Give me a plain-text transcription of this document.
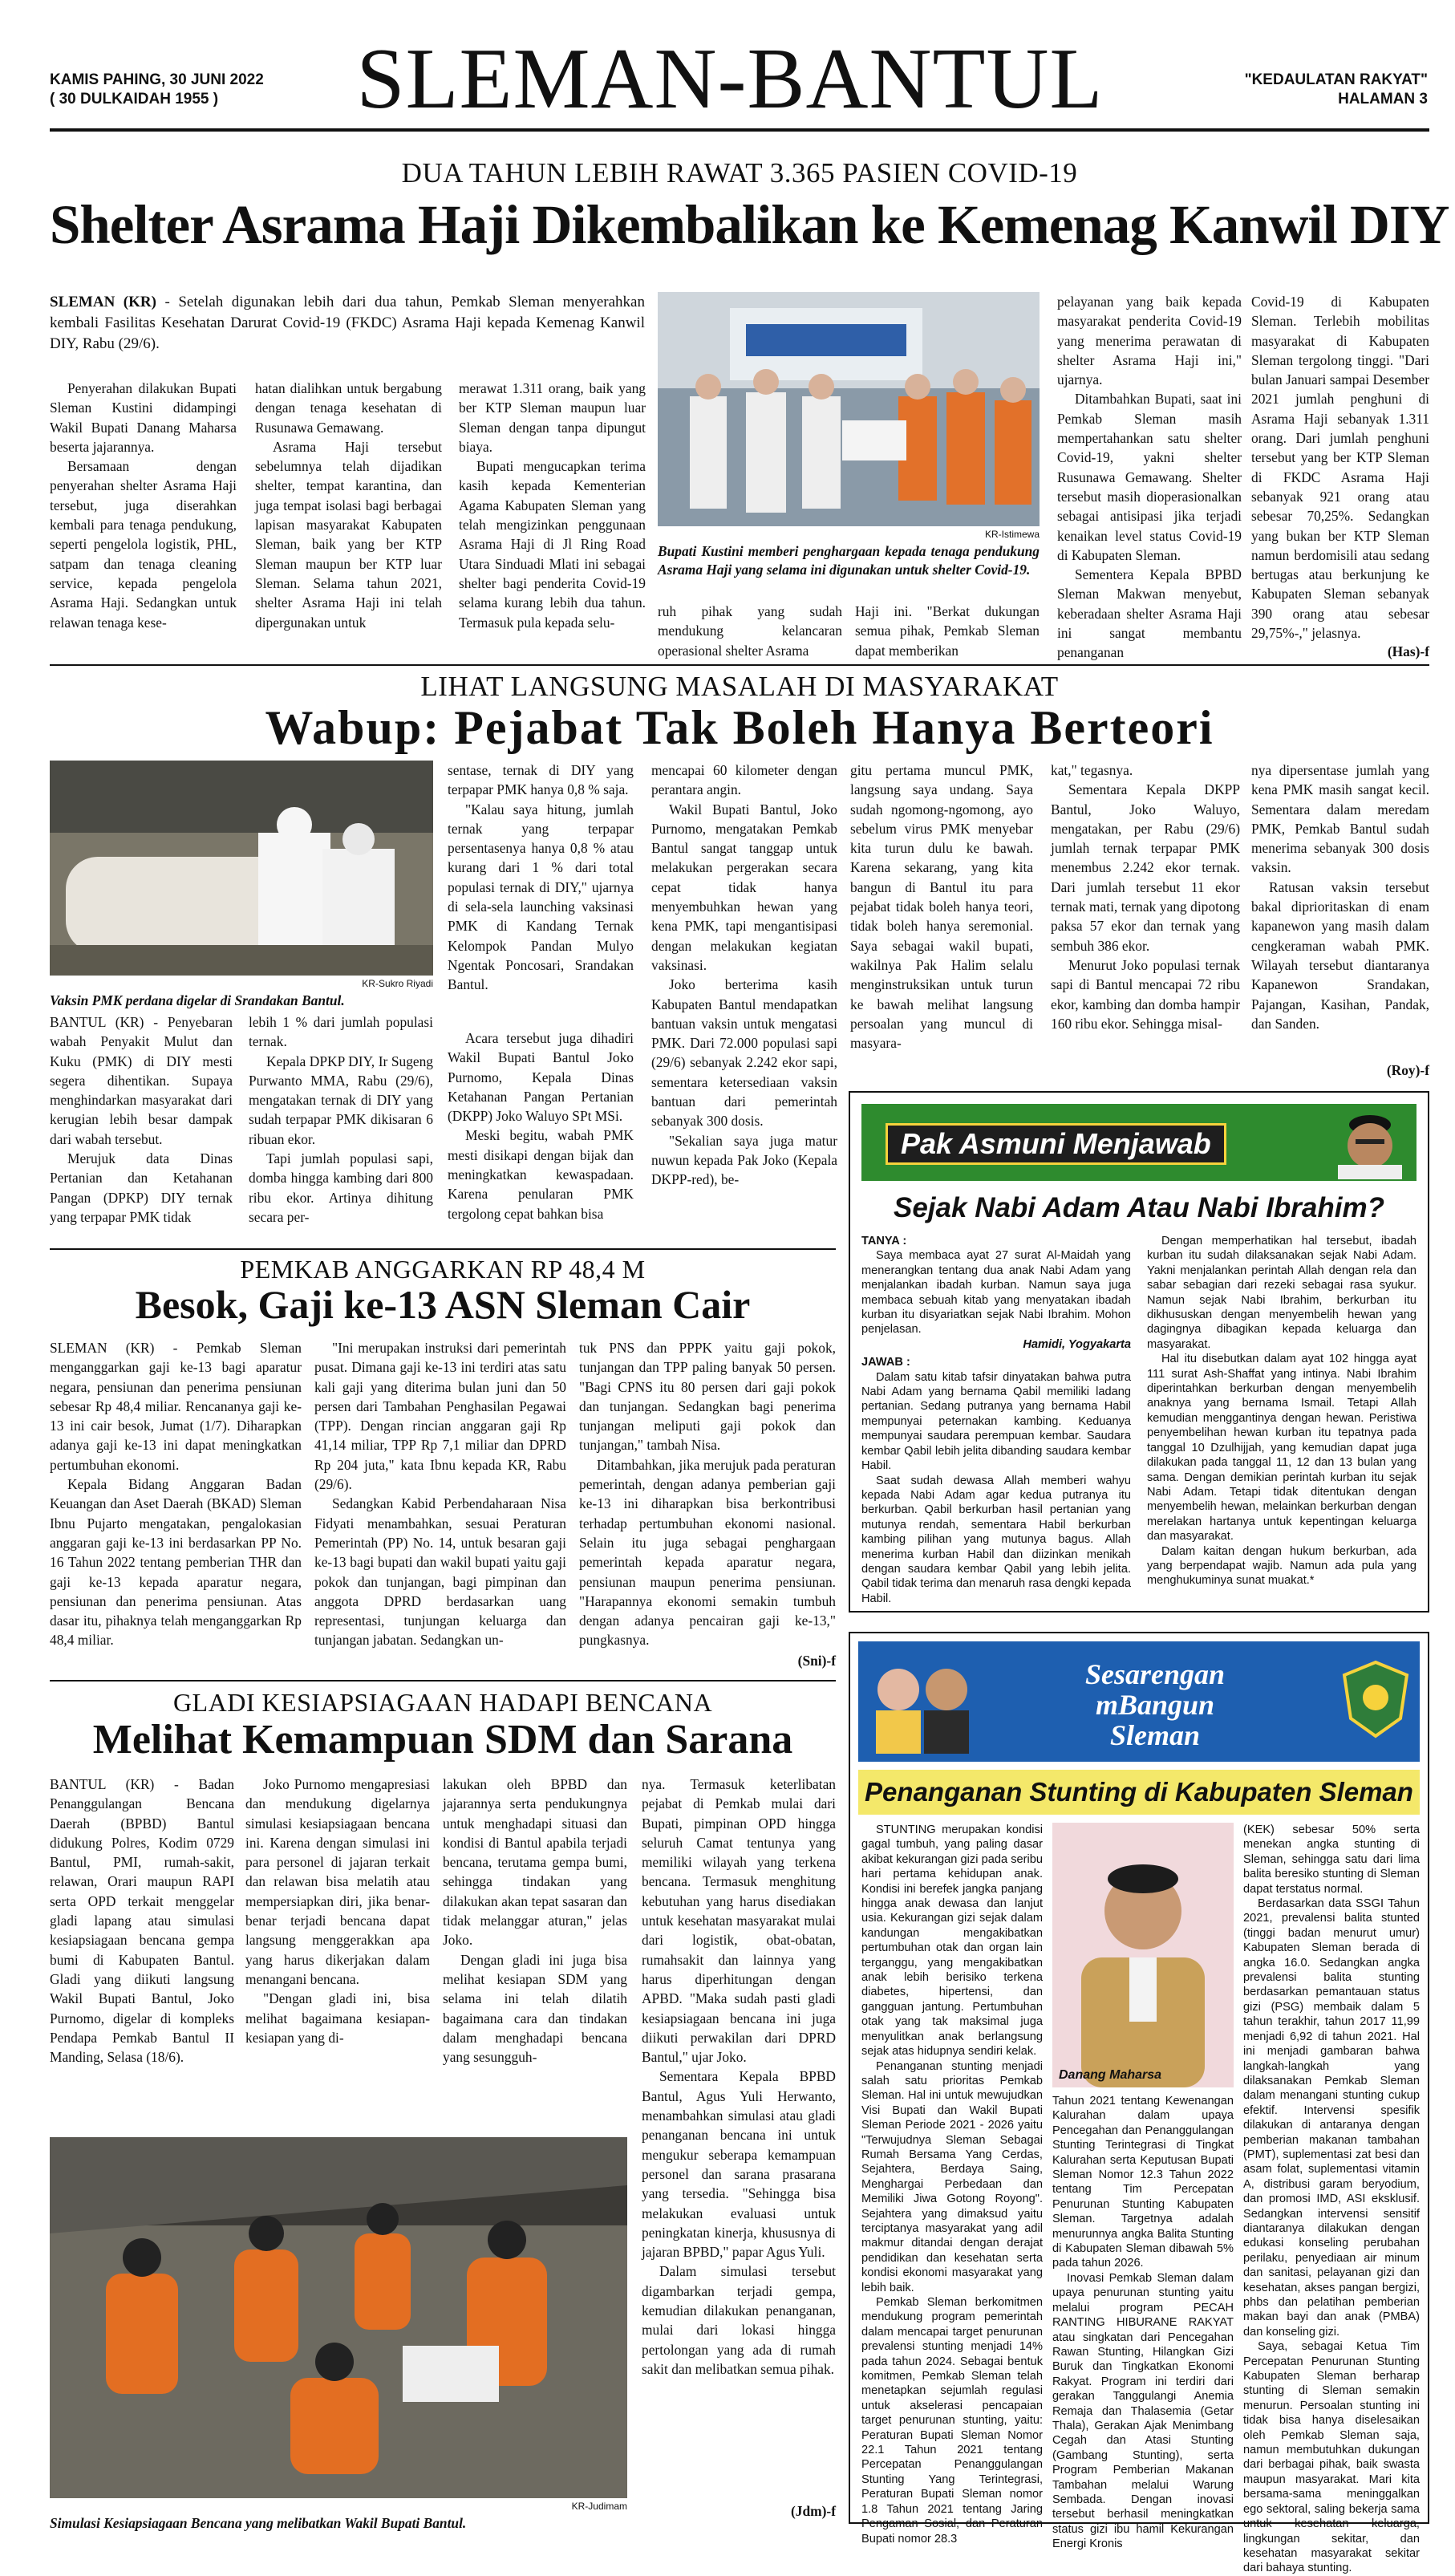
KAMIS PAHING, 30 JUNI 2022
( 30 DULKAIDAH 1955 )	SLEMAN-BANTUL	"KEDAULATAN RAKYAT"
HALAMAN 3
DUA TAHUN LEBIH RAWAT 3.365 PASIEN COVID-19
Shelter Asrama Haji Dikembalikan ke Kemenag Kanwil DIY

SLEMAN (KR) - Setelah digunakan lebih dari dua tahun, Pemkab Sleman menyerahkan kembali Fasilitas Kesehatan Darurat Covid-19 (FKDC) Asrama Haji kepada Kemenag Kanwil DIY, Rabu (29/6).

Penyerahan dilakukan Bupati Sleman Kustini didampingi Wakil Bupati Danang Maharsa beserta jajarannya.

Bersamaan dengan penyerahan shelter Asrama Haji tersebut, juga diserahkan kembali para tenaga pendukung, seperti pengelola logistik, PHL, satpam dan tenaga cleaning service, kepada pengelola Asrama Haji. Sedangkan untuk relawan tenaga kese-

hatan dialihkan untuk bergabung dengan tenaga kesehatan di Rusunawa Gemawang.

Asrama Haji tersebut sebelumnya telah dijadikan shelter, tempat karantina, dan juga tempat isolasi bagi berbagai lapisan masyarakat Kabupaten Sleman, baik yang ber KTP Sleman maupun ber KTP luar Sleman. Selama tahun 2021, shelter Asrama Haji ini telah dipergunakan untuk

merawat 1.311 orang, baik yang ber KTP Sleman maupun luar Sleman dengan tanpa dipungut biaya.

Bupati mengucapkan terima kasih kepada Kementerian Agama Kabupaten Sleman yang telah mengizinkan penggunaan Asrama Haji di Jl Ring Road Utara Sinduadi Mlati ini sebagai shelter bagi penderita Covid-19 selama kurang lebih dua tahun. Termasuk pula kepada selu-

KR-Istimewa
Bupati Kustini memberi penghargaan kepada tenaga pendukung Asrama Haji yang selama ini digunakan untuk shelter Covid-19.

ruh pihak yang sudah mendukung kelancaran operasional shelter Asrama

Haji ini. "Berkat dukungan semua pihak, Pemkab Sleman dapat memberikan

pelayanan yang baik kepada masyarakat penderita Covid-19 yang menerima perawatan di shelter Asrama Haji ini," ujarnya.

Ditambahkan Bupati, saat ini Pemkab Sleman masih mempertahankan satu shelter Covid-19, yakni shelter Rusunawa Gemawang. Shelter tersebut masih dioperasionalkan sebagai antisipasi jika terjadi kenaikan level status Covid-19 di Kabupaten Sleman.

Sementera Kepala BPBD Sleman Makwan menyebut, keberadaan shelter Asrama Haji ini sangat membantu penanganan

Covid-19 di Kabupaten Sleman. Terlebih mobilitas masyarakat di Kabupaten Sleman tergolong tinggi. "Dari bulan Januari sampai Desember 2021 jumlah penghuni di Asrama Haji sebanyak 1.311 orang. Dari jumlah penghuni tersebut yang ber KTP Sleman di FKDC Asrama Haji sebanyak 921 orang atau sebesar 70,25%. Sedangkan yang bukan ber KTP Sleman namun berdomisili atau sedang bertugas atau berkunjung ke Kabupaten Sleman sebanyak 390 orang atau sebesar 29,75%-," jelasnya.

(Has)-f
LIHAT LANGSUNG MASALAH DI MASYARAKAT
Wabup: Pejabat Tak Boleh Hanya Berteori
KR-Sukro Riyadi
Vaksin PMK perdana digelar di Srandakan Bantul.

BANTUL (KR) - Penyebaran wabah Penyakit Mulut dan Kuku (PMK) di DIY mesti segera dihentikan. Supaya menghindarkan masyarakat dari kerugian lebih besar dampak dari wabah tersebut.

Merujuk data Dinas Pertanian dan Ketahanan Pangan (DPKP) DIY ternak yang terpapar PMK tidak

lebih 1 % dari jumlah populasi ternak.

Kepala DPKP DIY, Ir Sugeng Purwanto MMA, Rabu (29/6), mengatakan ternak di DIY yang sudah terpapar PMK dikisaran 6 ribuan ekor.

Tapi jumlah populasi sapi, domba hingga kambing dari 800 ribu ekor. Artinya dihitung secara per-

sentase, ternak di DIY yang terpapar PMK hanya 0,8 % saja.

"Kalau saya hitung, jumlah ternak yang terpapar persentasenya hanya 0,8 % atau kurang dari 1 % dari total populasi ternak di DIY," ujarnya di sela-sela launching vaksinasi PMK di Kandang Ternak Kelompok Pandan Mulyo Ngentak Poncosari, Srandakan Bantul.

Acara tersebut juga dihadiri Wakil Bupati Bantul Joko Purnomo, Kepala Dinas Ketahanan Pangan Pertanian (DKPP) Joko Waluyo SPt MSi.

Meski begitu, wabah PMK mesti disikapi dengan bijak dan meningkatkan kewaspadaan. Karena penularan PMK tergolong cepat bahkan bisa

mencapai 60 kilometer dengan perantara angin.

Wakil Bupati Bantul, Joko Purnomo, mengatakan Pemkab Bantul sangat tanggap untuk melakukan pergerakan secara cepat tidak hanya menyembuhkan hewan yang kena PMK, tapi mengantisipasi dengan melakukan kegiatan vaksinasi.

Joko berterima kasih Kabupaten Bantul mendapatkan bantuan vaksin untuk mengatasi PMK. Dari 72.000 populasi sapi (29/6) sebanyak 2.242 ekor sapi, sementara ketersediaan vaksin bantuan dari pemerintah sebanyak 300 dosis.

"Sekalian saya juga matur nuwun kepada Pak Joko (Kepala DKPP-red), be-

gitu pertama muncul PMK, langsung saya undang. Saya sudah ngomong-ngomong, ayo sebelum virus PMK menyebar kita turun dulu ke bawah. Karena sekarang, yang kita bangun di Bantul itu para pejabat tidak boleh hanya teori, tidak boleh hanya seremonial. Saya sebagai wakil bupati, wakilnya Pak Halim selalu menginstruksikan untuk turun ke bawah melihat langsung persoalan yang muncul di masyara-

kat," tegasnya.

Sementara Kepala DKPP Bantul, Joko Waluyo, mengatakan, per Rabu (29/6) jumlah ternak terpapar PMK menembus 2.242 ekor ternak. Dari jumlah tersebut 11 ekor ternak mati, ternak yang dipotong paksa 57 ekor dan ternak yang sembuh 386 ekor.

Menurut Joko populasi ternak sapi di Bantul mencapai 72 ribu ekor, kambing dan domba hampir 160 ribu ekor. Sehingga misal-

nya dipersentase jumlah yang kena PMK masih sangat kecil. Sementara dalam meredam PMK, Pemkab Bantul sudah menerima sebanyak 300 dosis vaksin.

Ratusan vaksin tersebut bakal diprioritaskan di enam kapanewon yang masih dalam cengkeraman wabah PMK. Wilayah tersebut diantaranya Kapanewon Srandakan, Pajangan, Kasihan, Pandak, dan Sanden.

(Roy)-f
Pak Asmuni Menjawab
Sejak Nabi Adam Atau Nabi Ibrahim?
TANYA :

Saya membaca ayat 27 surat Al-Maidah yang menerangkan tentang dua anak Nabi Adam yang menjalankan ibadah kurban. Namun saya juga membaca sebuah kitab yang menyatakan ibadah kurban itu disyariatkan sejak Nabi Ibrahim. Mohon penjelasan.

Hamidi, Yogyakarta
JAWAB :

Dalam satu kitab tafsir dinyatakan bahwa putra Nabi Adam yang bernama Qabil memiliki ladang pertanian. Sedang putranya yang bernama Habil mempunyai peternakan kambing. Keduanya mempunyai saudara perempuan kembar. Saudara kembar Qabil lebih jelita dibanding saudara kembar Habil.

Saat sudah dewasa Allah memberi wahyu kepada Nabi Adam agar kedua putranya itu berkurban. Qabil berkurban hasil pertanian yang mutunya rendah, sementara Habil berkurban kambing pilihan yang mutunya bagus. Allah menerima kurban Habil dan diizinkan menikah dengan saudara kembar Qabil yang lebih jelita. Qabil tidak terima dan menaruh rasa dengki kepada Habil.

Dengan memperhatikan hal tersebut, ibadah kurban itu sudah dilaksanakan sejak Nabi Adam. Yakni menjalankan perintah Allah dengan rela dan sabar sebagian dari rezeki sebagai rasa syukur. Namun sejak Nabi Ibrahim, berkurban itu dikhususkan dengan menyembelih hewan yang dagingnya dibagikan kepada keluarga dan masyarakat.

Hal itu disebutkan dalam ayat 102 hingga ayat 111 surat Ash-Shaffat yang intinya. Nabi Ibrahim diperintahkan berkurban dengan menyembelih anaknya yang bernama Ismail. Tetapi Allah kemudian menggantinya dengan hewan. Peristiwa penyembelihan hewan kurban itu tepatnya pada tanggal 10 Dzulhijjah, yang kemudian dapat juga dilakukan pada tanggal 11, 12 dan 13 bulan yang sama. Dengan demikian perintah kurban itu sejak Nabi Adam. Tetapi tidak ditentukan dengan menyembelih hewan, melainkan berkurban dengan merelakan hartanya untuk kepentingan keluarga dan masyarakat.

Dalam kaitan dengan hukum berkurban, ada yang berpendapat wajib. Namun ada pula yang menghukuminya sunat muakat.*

PEMKAB ANGGARKAN RP 48,4 M
Besok, Gaji ke-13 ASN Sleman Cair

SLEMAN (KR) - Pemkab Sleman menganggarkan gaji ke-13 bagi aparatur negara, pensiunan dan penerima pensiunan sebesar Rp 48,4 miliar. Rencananya gaji ke-13 ini cair besok, Jumat (1/7). Diharapkan adanya gaji ke-13 ini dapat meningkatkan pertumbuhan ekonomi.

Kepala Bidang Anggaran Badan Keuangan dan Aset Daerah (BKAD) Sleman Ibnu Pujarto mengatakan, pengalokasian anggaran gaji ke-13 ini berdasarkan PP No. 16 Tahun 2022 tentang pemberian THR dan gaji ke-13 kepada aparatur negara, pensiunan dan penerima pensiunan. Atas dasar itu, pihaknya telah menganggarkan Rp 48,4 miliar.

"Ini merupakan instruksi dari pemerintah pusat. Dimana gaji ke-13 ini terdiri atas satu kali gaji yang diterima bulan juni dan 50 persen dari Tambahan Penghasilan Pegawai (TPP). Dengan rincian anggaran gaji Rp 41,14 miliar, TPP Rp 7,1 miliar dan DPRD Rp 204 juta," kata Ibnu kepada KR, Rabu (29/6).

Sedangkan Kabid Perbendaharaan Nisa Fidyati menambahkan, sesuai Peraturan Pemerintah (PP) No. 14, untuk besaran gaji ke-13 bagi bupati dan wakil bupati yaitu gaji pokok dan tunjangan, bagi pimpinan dan anggota DPRD berdasarkan uang representasi, tunjungan keluarga dan tunjangan jabatan. Sedangkan un-

tuk PNS dan PPPK yaitu gaji pokok, tunjangan dan TPP paling banyak 50 persen. "Bagi CPNS itu 80 persen dari gaji pokok dan tunjangan. Sedangkan bagi penerima tunjangan meliputi gaji pokok dan tunjangan," tambah Nisa.

Ditambahkan, jika merujuk pada peraturan pemerintah, dengan adanya pemberian gaji ke-13 ini diharapkan bisa berkontribusi terhadap pertumbuhan ekonomi nasional. Selain itu juga sebagai penghargaan pemerintah kepada aparatur negara, pensiunan maupun penerima pensiunan. "Harapannya ekonomi semakin tumbuh dengan adanya pencairan gaji ke-13," pungkasnya.

(Sni)-f
GLADI KESIAPSIAGAAN HADAPI BENCANA
Melihat Kemampuan SDM dan Sarana

BANTUL (KR) - Badan Penanggulangan Bencana Daerah (BPBD) Bantul didukung Polres, Kodim 0729 Bantul, PMI, rumah-sakit, relawan, Orari maupun RAPI serta OPD terkait menggelar gladi lapang atau simulasi kesiapsiagaan bencana gempa bumi di Kabupaten Bantul. Gladi yang diikuti langsung Wakil Bupati Bantul, Joko Purnomo, digelar di kompleks Pendapa Pemkab Bantul II Manding, Selasa (18/6).

Joko Purnomo mengapresiasi dan mendukung digelarnya simulasi kesiapsiagaan bencana ini. Karena dengan simulasi ini para personel di jajaran terkait dan relawan bisa melatih atau mempersiapkan diri, jika benar-benar terjadi bencana dapat langsung menggerakkan apa yang harus dikerjakan dalam menangani bencana.

"Dengan gladi ini, bisa melihat bagaimana kesiapan-kesiapan yang di-

lakukan oleh BPBD dan jajarannya serta pendukungnya untuk menghadapi situasi dan kondisi di Bantul apabila terjadi bencana, terutama gempa bumi, sehingga tindakan yang dilakukan akan tepat sasaran dan tidak melanggar aturan," jelas Joko.

Dengan gladi ini juga bisa melihat kesiapan SDM yang selama ini telah dilatih bagaimana cara dan tindakan dalam menghadapi bencana yang sesungguh-

nya. Termasuk keterlibatan pejabat di Pemkab mulai dari Bupati, pimpinan OPD hingga seluruh Camat tentunya yang memiliki wilayah yang terkena bencana. Termasuk menghitung kebutuhan yang harus disediakan untuk kesehatan masyarakat mulai dari logistik, obat-obatan, rumahsakit dan lainnya yang harus diperhitungan dengan APBD. "Maka sudah pasti gladi kesiapsiagaan bencana ini juga diikuti perwakilan dari DPRD Bantul," ujar Joko.

Sementara Kepala BPBD Bantul, Agus Yuli Herwanto, menambahkan simulasi atau gladi penanganan bencana ini untuk mengukur seberapa kemampuan personel dan sarana prasarana yang tersedia. "Sehingga bisa melakukan evaluasi untuk peningkatan kinerja, khususnya di jajaran BPBD," papar Agus Yuli.

Dalam simulasi tersebut digambarkan terjadi gempa, kemudian dilakukan penanganan, mulai dari lokasi hingga pertolongan yang ada di rumah sakit dan melibatkan semua pihak.

(Jdm)-f
KR-Judimam
Simulasi Kesiapsiagaan Bencana yang melibatkan Wakil Bupati Bantul.
Sesarengan
mBangun
Sleman
Penanganan Stunting di Kabupaten Sleman

STUNTING merupakan kondisi gagal tumbuh, yang paling dasar akibat kekurangan gizi pada seribu hari pertama kehidupan anak. Kondisi ini berefek jangka panjang hingga anak dewasa dan lanjut usia. Kekurangan gizi sejak dalam kandungan mengakibatkan pertumbuhan otak dan organ lain terganggu, yang mengakibatkan anak lebih berisiko terkena diabetes, hipertensi, dan gangguan jantung. Pertumbuhan otak yang tak maksimal juga menyulitkan anak berlangsung sejak atas hidupnya sendiri kelak.

Penanganan stunting menjadi salah satu prioritas Pemkab Sleman. Hal ini untuk mewujudkan Visi Bupati dan Wakil Bupati Sleman Periode 2021 - 2026 yaitu "Terwujudnya Sleman Sebagai Rumah Bersama Yang Cerdas, Sejahtera, Berdaya Saing, Menghargai Perbedaan dan Memiliki Jiwa Gotong Royong". Sejahtera yang dimaksud yaitu terciptanya masyarakat yang adil makmur ditandai dengan derajat pendidikan dan kesehatan serta kondisi ekonomi masyarakat yang lebih baik.

Pemkab Sleman berkomitmen mendukung program pemerintah dalam mencapai target penurunan prevalensi stunting menjadi 14% pada tahun 2024. Sebagai bentuk komitmen, Pemkab Sleman telah menetapkan sejumlah regulasi untuk akselerasi pencapaian target penurunan stunting, yaitu: Peraturan Bupati Sleman Nomor 22.1 Tahun 2021 tentang Percepatan Penanggulangan Stunting Yang Terintegrasi, Peraturan Bupati Sleman nomor 1.8 Tahun 2021 tentang Jaring Pengaman Sosial, dan Peraturan Bupati nomor 28.3

Danang Maharsa

Tahun 2021 tentang Kewenangan Kalurahan dalam upaya Pencegahan dan Penanggulangan Stunting Terintegrasi di Tingkat Kalurahan serta Keputusan Bupati Sleman Nomor 12.3 Tahun 2022 tentang Tim Percepatan Penurunan Stunting Kabupaten Sleman. Targetnya adalah menurunnya angka Balita Stunting di Kabupaten Sleman dibawah 5% pada tahun 2026.

Inovasi Pemkab Sleman dalam upaya penurunan stunting yaitu melalui program PECAH RANTING HIBURANE RAKYAT atau singkatan dari Pencegahan Rawan Stunting, Hilangkan Gizi Buruk dan Tingkatkan Ekonomi Rakyat. Program ini terdiri dari gerakan Tanggulangi Anemia Remaja dan Thalasemia (Getar Thala), Gerakan Ajak Menimbang Cegah dan Atasi Stunting (Gambang Stunting), serta Program Pemberian Makanan Tambahan melalui Warung Sembada. Dengan inovasi tersebut berhasil meningkatkan status gizi ibu hamil Kekurangan Energi Kronis

(KEK) sebesar 50% serta menekan angka stunting di Sleman, sehingga satu dari lima balita beresiko stunting di Sleman dapat terstatus normal.

Berdasarkan data SSGI Tahun 2021, prevalensi balita stunted (tinggi badan menurut umur) Kabupaten Sleman berada di angka 16.0. Sedangkan angka prevalensi balita stunting berdasarkan pemantauan status gizi (PSG) membaik dalam 5 tahun terakhir, tahun 2017 11,99 menjadi 6,92 di tahun 2021. Hal ini menjadi gambaran bahwa langkah-langkah yang dilaksanakan Pemkab Sleman dalam menangani stunting cukup efektif. Intervensi spesifik dilakukan di antaranya dengan pemberian makanan tambahan (PMT), suplementasi zat besi dan asam folat, suplementasi vitamin A, distribusi garam beryodium, dan promosi IMD, ASI eksklusif. Sedangkan intervensi sensitif diantaranya dilakukan dengan edukasi konseling perubahan perilaku, penyediaan air minum dan sanitasi, pelayanan gizi dan kesehatan, akses pangan bergizi, phbs dan pelatihan pemberian makan bayi dan anak (PMBA) dan konseling gizi.

Saya, sebagai Ketua Tim Percepatan Penurunan Stunting Kabupaten Sleman berharap stunting di Sleman semakin menurun. Persoalan stunting ini tidak bisa hanya diselesaikan oleh Pemkab Sleman saja, namun membutuhkan dukungan dari berbagai pihak, baik swasta maupun masyarakat. Mari kita bersama-sama meninggalkan ego sektoral, saling bekerja sama untuk kesehatan keluarga, lingkungan sekitar, dan kesehatan masyarakat sekitar dari bahaya stunting.
